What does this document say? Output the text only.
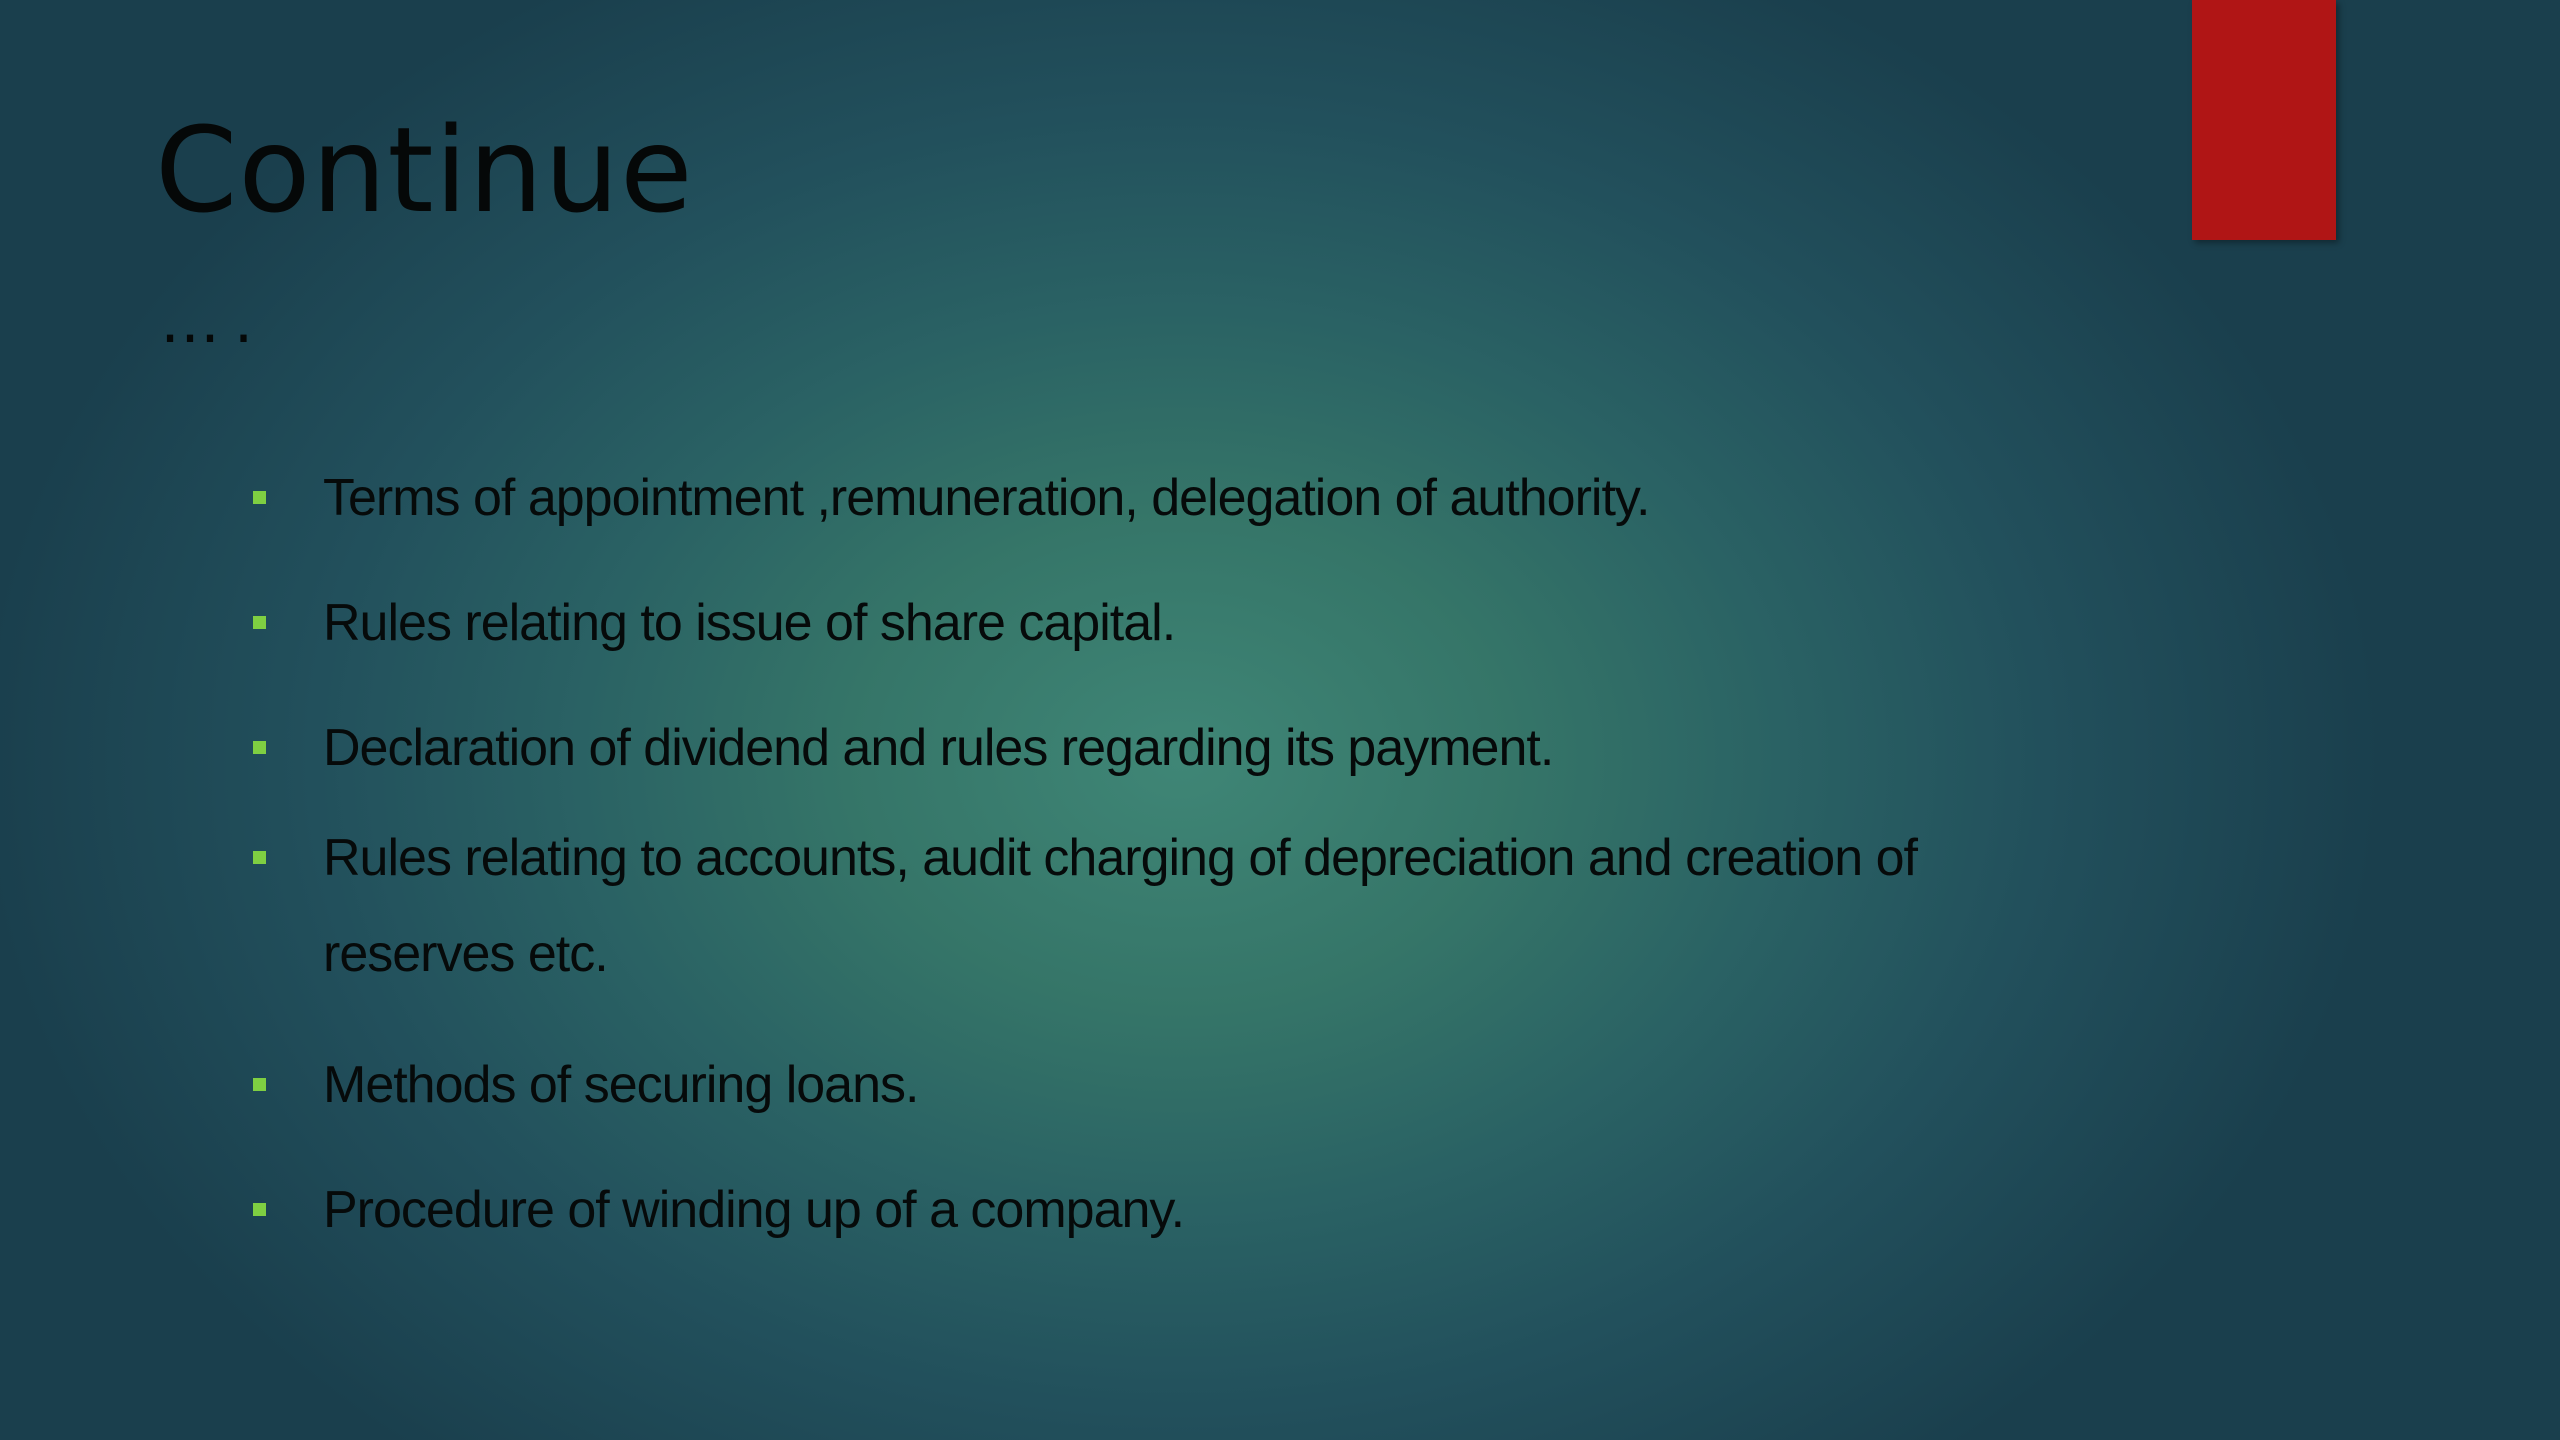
Continue
….
Terms of appointment ,remuneration, delegation of authority.
Rules relating to issue of share capital.
Declaration of dividend and rules regarding its payment.
Rules relating to accounts, audit charging of depreciation and creation of reserves etc.
Methods of securing loans.
Procedure of winding up of a company.
